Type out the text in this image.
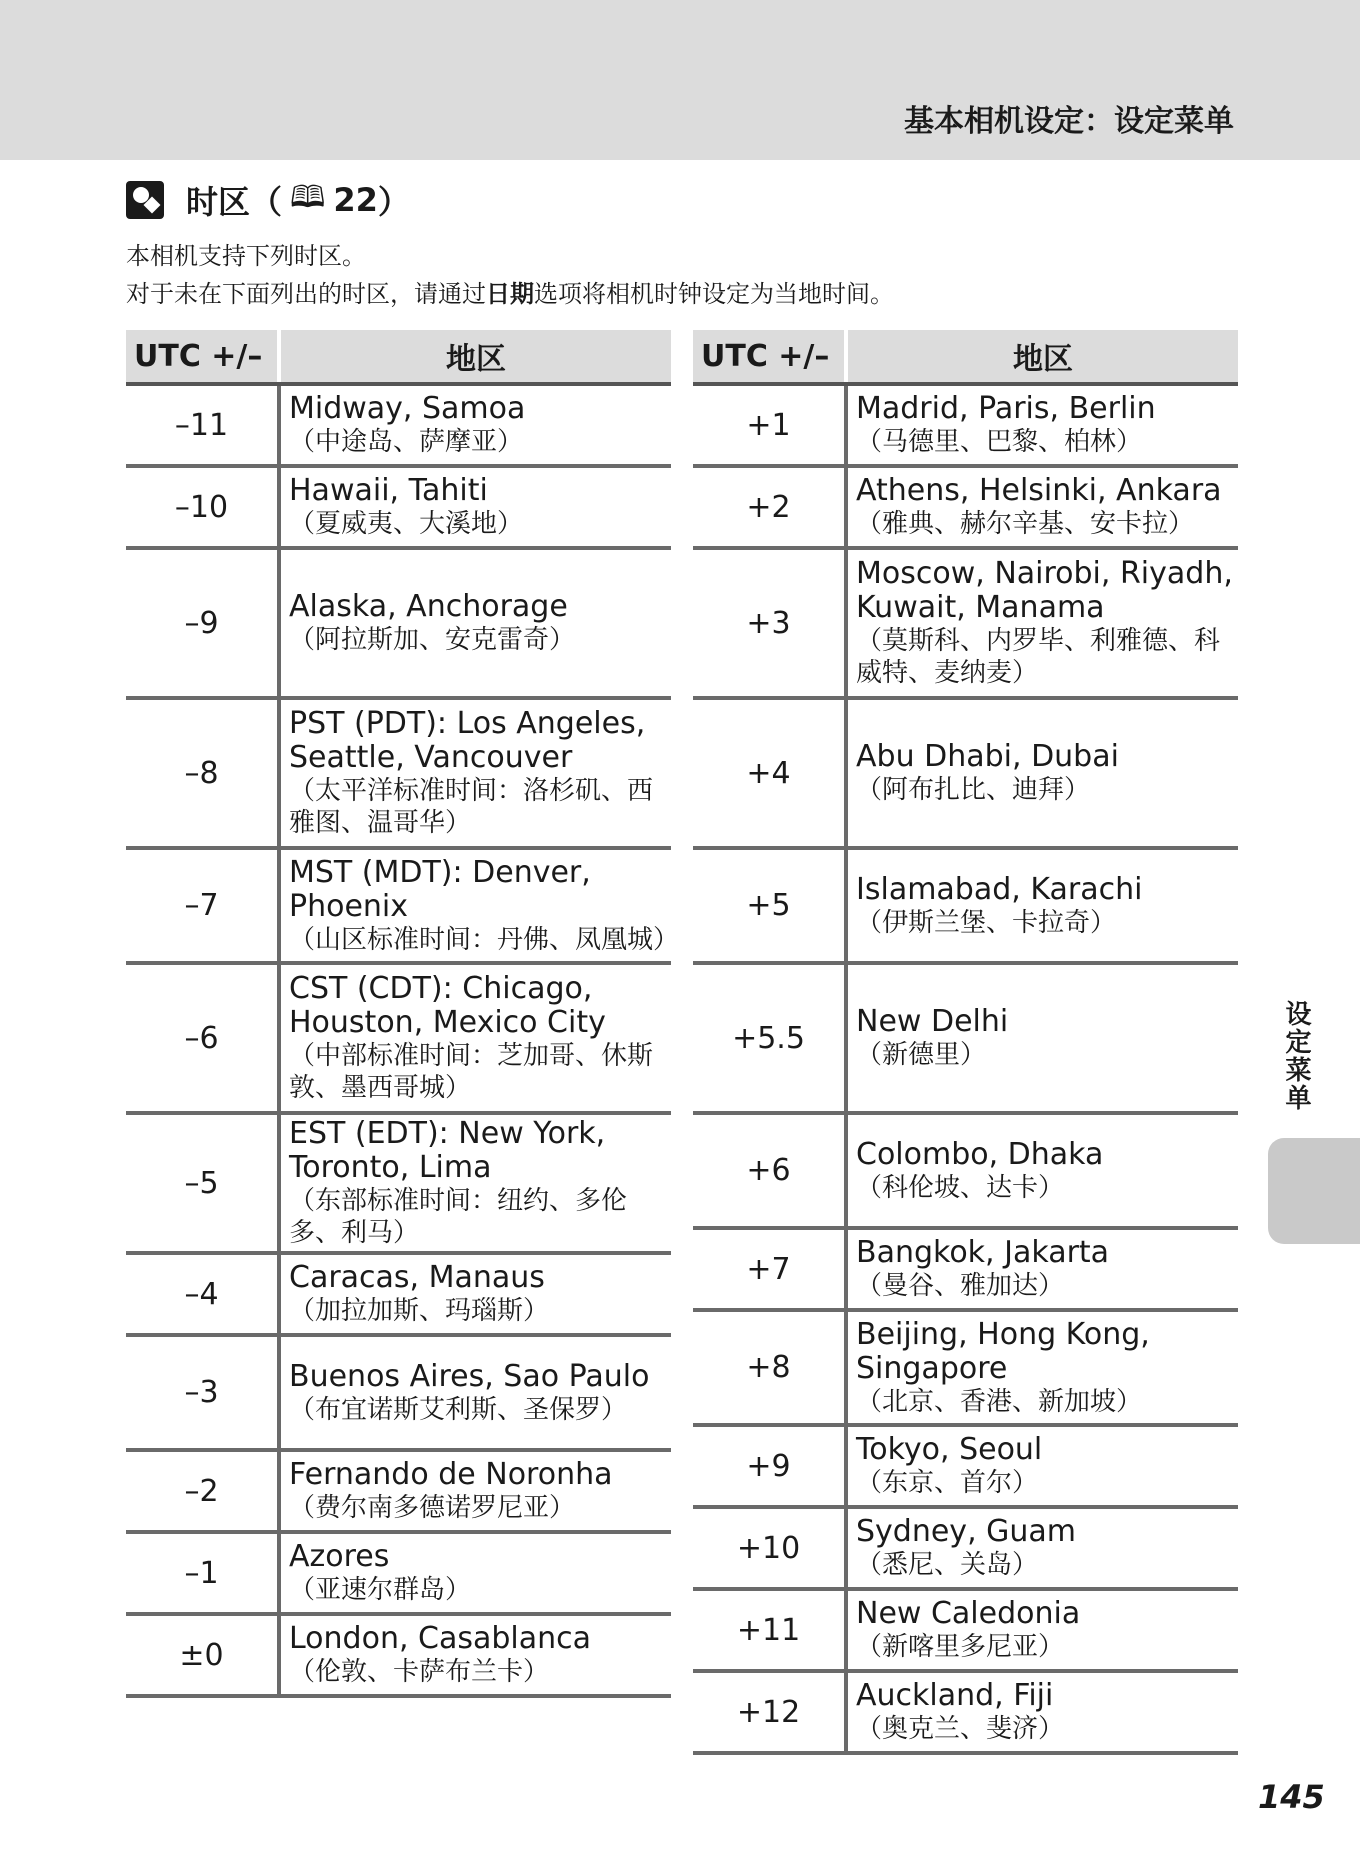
基本相机设定：设定菜单
时区（ 🕮 22 ）
本相机支持下列时区。
对于未在下面列出的时区，请通过日期选项将相机时钟设定为当地时间。
UTC +/–	地区
–11	Midway, Samoa
（中途岛、萨摩亚）

–10	Hawaii, Tahiti
（夏威夷、大溪地）

–9	Alaska, Anchorage
（阿拉斯加、安克雷奇）

–8	PST (PDT): Los Angeles, Seattle, Vancouver
（太平洋标准时间：洛杉矶、西雅图、温哥华）

–7	MST (MDT): Denver, Phoenix
（山区标准时间：丹佛、凤凰城）

–6	CST (CDT): Chicago, Houston, Mexico City
（中部标准时间：芝加哥、休斯敦、墨西哥城）

–5	EST (EDT): New York, Toronto, Lima
（东部标准时间：纽约、多伦多、利马）

–4	Caracas, Manaus
（加拉加斯、玛瑙斯）

–3	Buenos Aires, Sao Paulo
（布宜诺斯艾利斯、圣保罗）

–2	Fernando de Noronha
（费尔南多德诺罗尼亚）

–1	Azores
（亚速尔群岛）

±0	London, Casablanca
（伦敦、卡萨布兰卡）
UTC +/–	地区
+1	Madrid, Paris, Berlin
（马德里、巴黎、柏林）

+2	Athens, Helsinki, Ankara
（雅典、赫尔辛基、安卡拉）

+3	Moscow, Nairobi, Riyadh, Kuwait, Manama
（莫斯科、内罗毕、利雅德、科威特、麦纳麦）

+4	Abu Dhabi, Dubai
（阿布扎比、迪拜）

+5	Islamabad, Karachi
（伊斯兰堡、卡拉奇）

+5.5	New Delhi
（新德里）

+6	Colombo, Dhaka
（科伦坡、达卡）

+7	Bangkok, Jakarta
（曼谷、雅加达）

+8	Beijing, Hong Kong, Singapore
（北京、香港、新加坡）

+9	Tokyo, Seoul
（东京、首尔）

+10	Sydney, Guam
（悉尼、关岛）

+11	New Caledonia
（新喀里多尼亚）

+12	Auckland, Fiji
（奥克兰、斐济）
设定菜单
145
